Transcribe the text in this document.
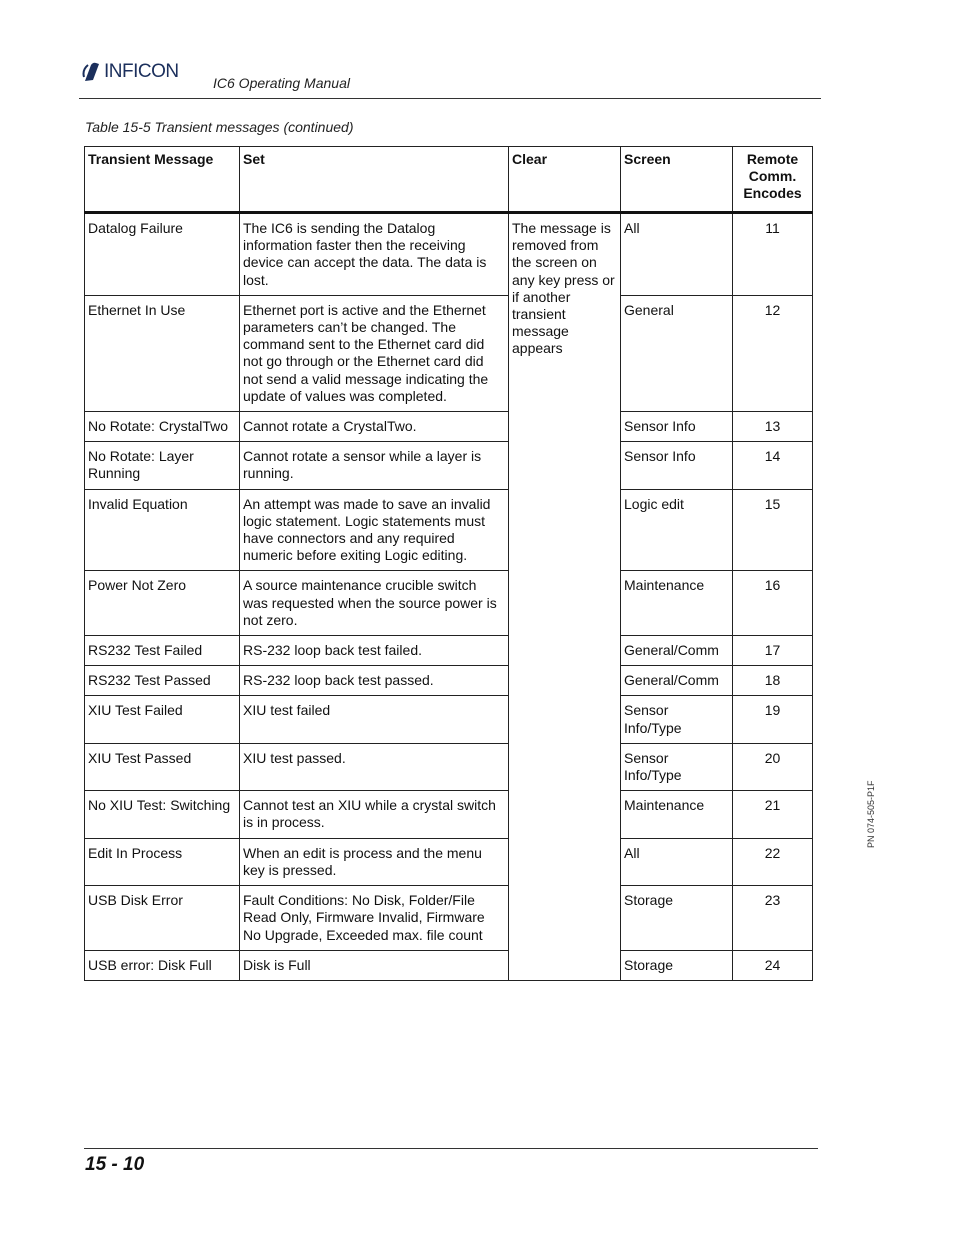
INFICON
IC6 Operating Manual
Table 15-5 Transient messages (continued)
Transient Message	Set	Clear	Screen	Remote Comm. Encodes
Datalog Failure	The IC6 is sending the Datalog information faster then the receiving device can accept the data. The data is lost.	The message is removed from the screen on any key press or if another transient message appears	All	11
Ethernet In Use	Ethernet port is active and the Ethernet parameters can’t be changed. The command sent to the Ethernet card did not go through or the Ethernet card did not send a valid message indicating the update of values was completed.		General	12
No Rotate: CrystalTwo	Cannot rotate a CrystalTwo.		Sensor Info	13
No Rotate: Layer Running	Cannot rotate a sensor while a layer is running.		Sensor Info	14
Invalid Equation	An attempt was made to save an invalid logic statement. Logic statements must have connectors and any required numeric before exiting Logic editing.		Logic edit	15
Power Not Zero	A source maintenance crucible switch was requested when the source power is not zero.		Maintenance	16
RS232 Test Failed	RS-232 loop back test failed.		General/Comm	17
RS232 Test Passed	RS-232 loop back test passed.		General/Comm	18
XIU Test Failed	XIU test failed		Sensor Info/Type	19
XIU Test Passed	XIU test passed.		Sensor Info/Type	20
No XIU Test: Switching	Cannot test an XIU while a crystal switch is in process.		Maintenance	21
Edit In Process	When an edit is process and the menu key is pressed.		All	22
USB Disk Error	Fault Conditions: No Disk, Folder/File Read Only, Firmware Invalid, Firmware No Upgrade, Exceeded max. file count		Storage	23
USB error: Disk Full	Disk is Full		Storage	24
PN 074-505-P1F
15 - 10
